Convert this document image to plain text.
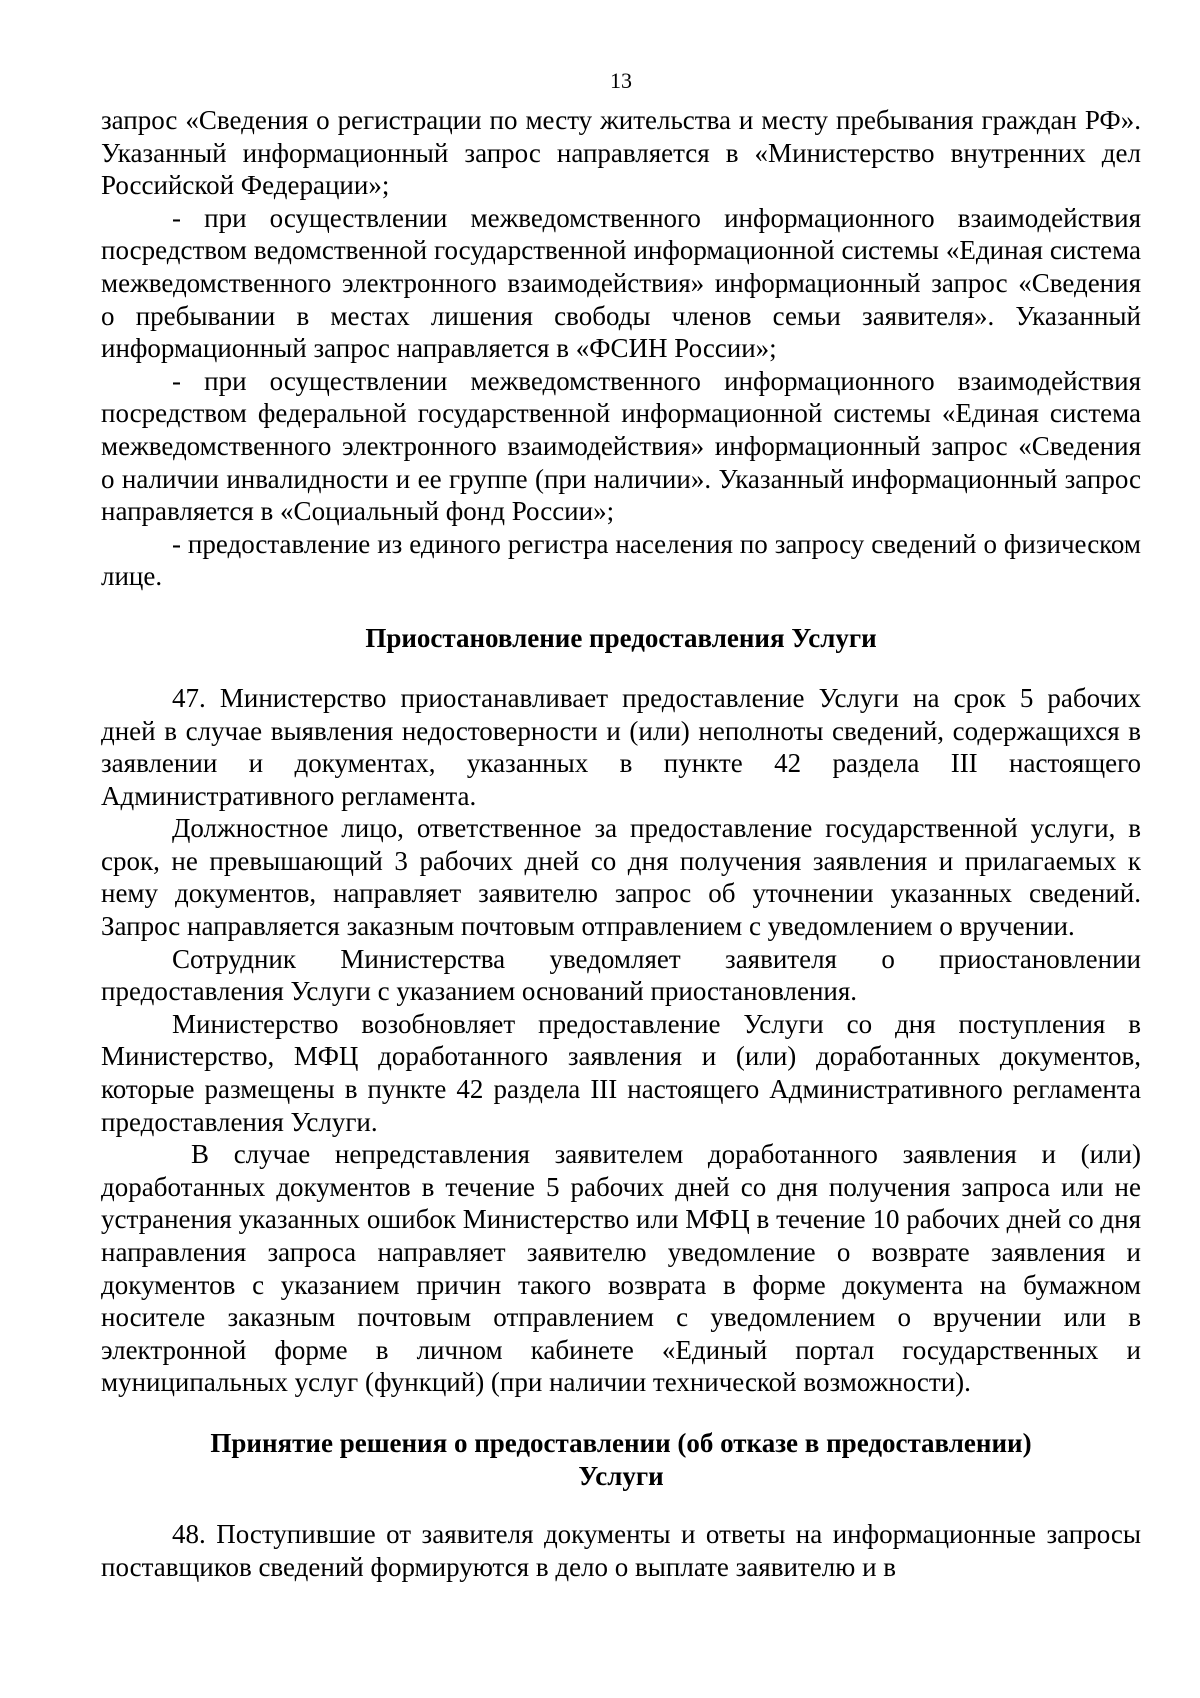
13

запрос «Сведения о регистрации по месту жительства и месту пребывания граждан РФ». Указанный информационный запрос направляется в «Министерство внутренних дел Российской Федерации»;

- при осуществлении межведомственного информационного взаимодействия посредством ведомственной государственной информационной системы «Единая система межведомственного электронного взаимодействия» информационный запрос «Сведения о пребывании в местах лишения свободы членов семьи заявителя». Указанный информационный запрос направляется в «ФСИН России»;

- при осуществлении межведомственного информационного взаимодействия посредством федеральной государственной информационной системы «Единая система межведомственного электронного взаимодействия» информационный запрос «Сведения о наличии инвалидности и ее группе (при наличии». Указанный информационный запрос направляется в «Социальный фонд России»;

- предоставление из единого регистра населения по запросу сведений о физическом лице.

Приостановление предоставления Услуги

47. Министерство приостанавливает предоставление Услуги на срок 5 рабочих дней в случае выявления недостоверности и (или) неполноты сведений, содержащихся в заявлении и документах, указанных в пункте 42 раздела III настоящего Административного регламента.

Должностное лицо, ответственное за предоставление государственной услуги, в срок, не превышающий 3 рабочих дней со дня получения заявления и прилагаемых к нему документов, направляет заявителю запрос об уточнении указанных сведений. Запрос направляется заказным почтовым отправлением с уведомлением о вручении.

Сотрудник Министерства уведомляет заявителя о приостановлении предоставления Услуги с указанием оснований приостановления.

Министерство возобновляет предоставление Услуги со дня поступления в Министерство, МФЦ доработанного заявления и (или) доработанных документов, которые размещены в пункте 42 раздела III настоящего Административного регламента предоставления Услуги.

В случае непредставления заявителем доработанного заявления и (или) доработанных документов в течение 5 рабочих дней со дня получения запроса или не устранения указанных ошибок Министерство или МФЦ в течение 10 рабочих дней со дня направления запроса направляет заявителю уведомление о возврате заявления и документов с указанием причин такого возврата в форме документа на бумажном носителе заказным почтовым отправлением с уведомлением о вручении или в электронной форме в личном кабинете «Единый портал государственных и муниципальных услуг (функций) (при наличии технической возможности).

Принятие решения о предоставлении (об отказе в предоставлении)
Услуги

48. Поступившие от заявителя документы и ответы на информационные запросы поставщиков сведений формируются в дело о выплате заявителю и в
